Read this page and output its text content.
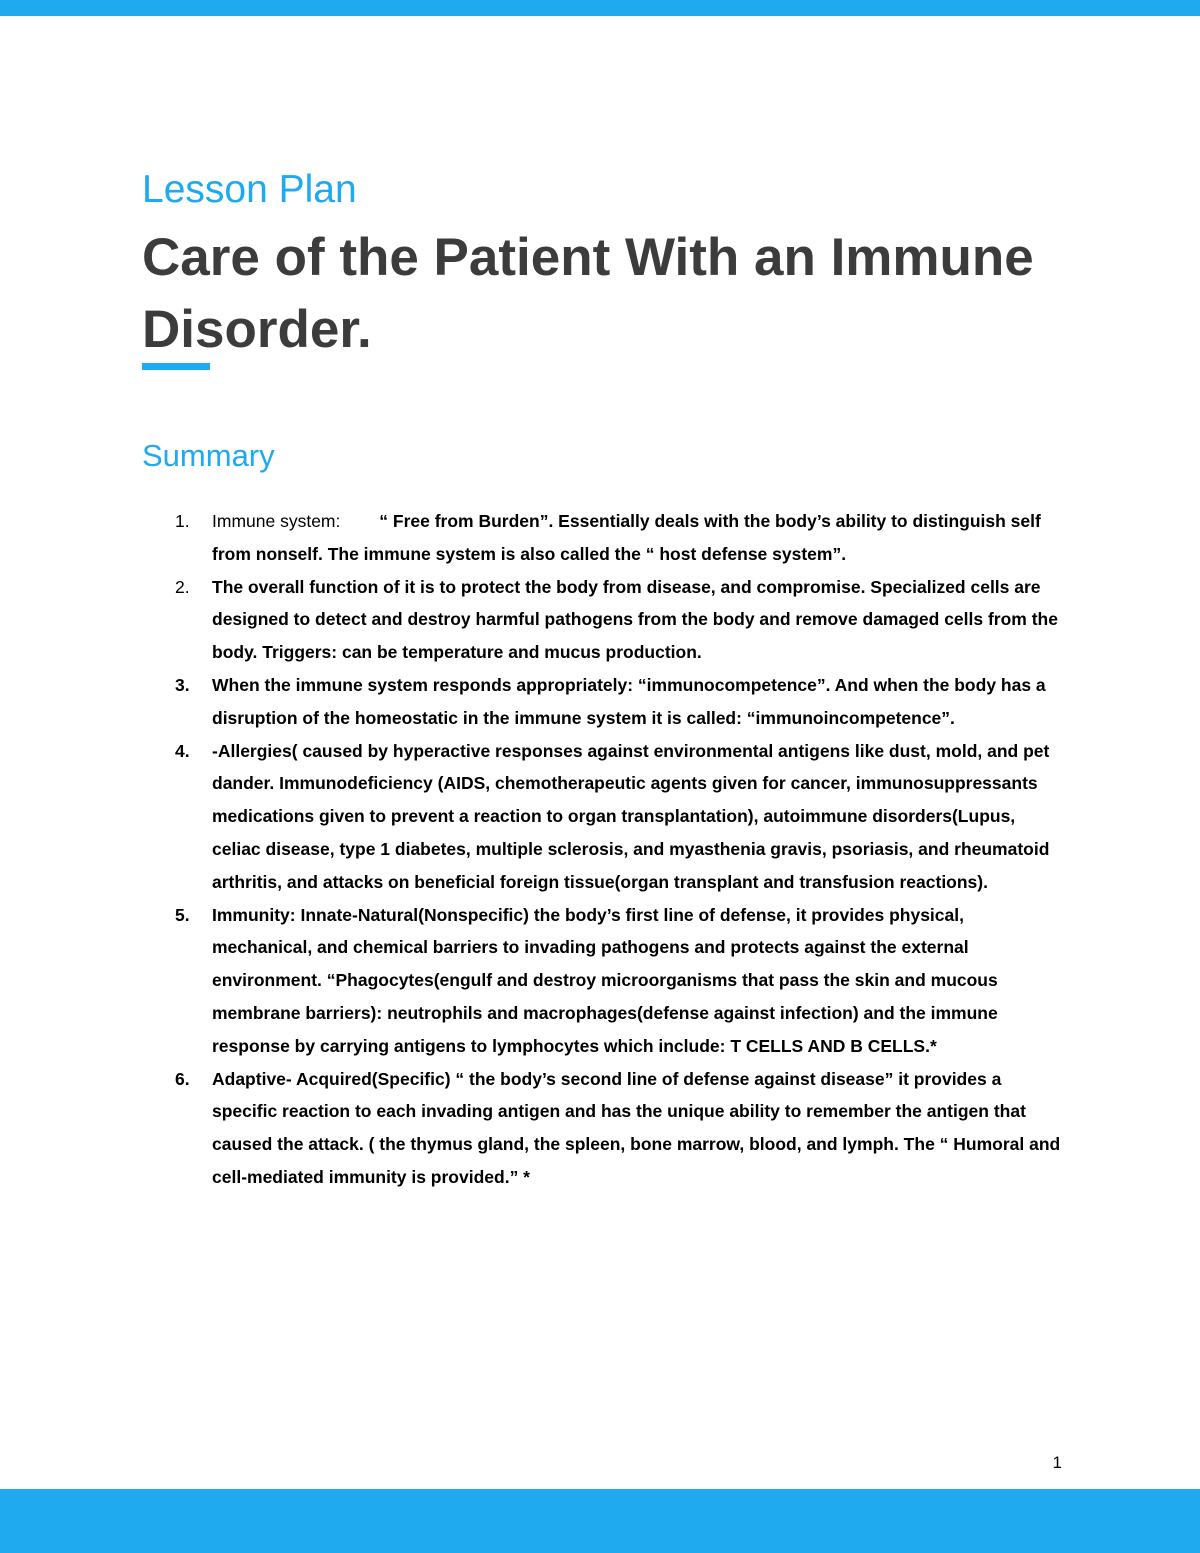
Lesson Plan
Care of the Patient With an Immune Disorder.
Summary
1. Immune system:        “ Free from Burden”. Essentially deals with the body’s ability to distinguish self from nonself. The immune system is also called the “ host defense system”.
2. The overall function of it is to protect the body from disease, and compromise. Specialized cells are designed to detect and destroy harmful pathogens from the body and remove damaged cells from the body. Triggers: can be temperature and mucus production.
3. When the immune system responds appropriately: “immunocompetence”. And when the body has a disruption of the homeostatic in the immune system it is called: “immunoincompetence”.
4. -Allergies( caused by hyperactive responses against environmental antigens like dust, mold, and pet dander. Immunodeficiency (AIDS, chemotherapeutic agents given for cancer, immunosuppressants medications given to prevent a reaction to organ transplantation), autoimmune disorders(Lupus, celiac disease, type 1 diabetes, multiple sclerosis, and myasthenia gravis, psoriasis, and rheumatoid arthritis, and attacks on beneficial foreign tissue(organ transplant and transfusion reactions).
5. Immunity: Innate-Natural(Nonspecific) the body’s first line of defense, it provides physical, mechanical, and chemical barriers to invading pathogens and protects against the external environment. “Phagocytes(engulf and destroy microorganisms that pass the skin and mucous membrane barriers): neutrophils and macrophages(defense against infection) and the immune response by carrying antigens to lymphocytes which include: T CELLS AND B CELLS.*
6. Adaptive- Acquired(Specific) “ the body’s second line of defense against disease” it provides a specific reaction to each invading antigen and has the unique ability to remember the antigen that caused the attack. ( the thymus gland, the spleen, bone marrow, blood, and lymph. The “ Humoral and cell-mediated immunity is provided.” *
1
